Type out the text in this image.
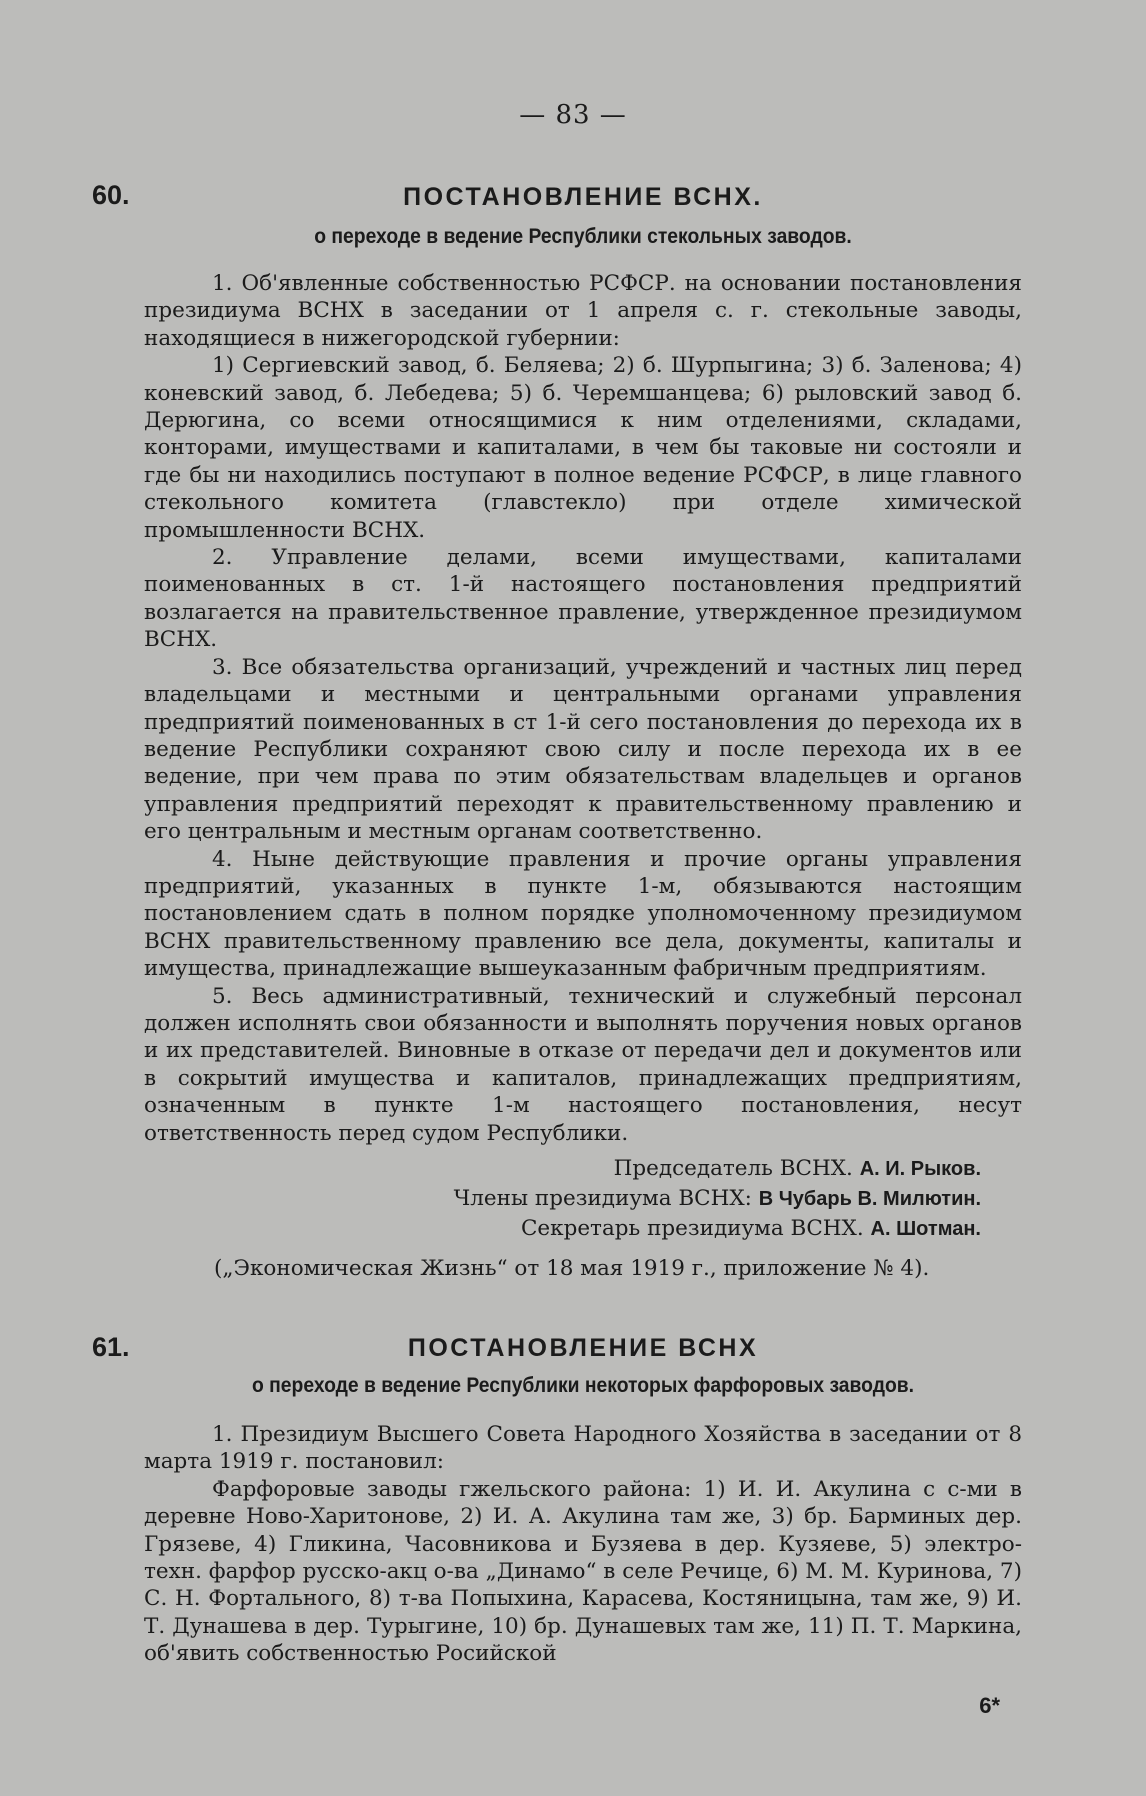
— 83 —
60.	ПОСТАНОВЛЕНИЕ ВСНХ.
о переходе в ведение Республики стекольных заводов.

1. Об'явленные собственностью РСФСР. на основании постановления президиума ВСНХ в заседании от 1 апреля с. г. стекольные заводы, находящиеся в нижегородской губернии:

1) Сергиевский завод, б. Беляева; 2) б. Шурпыгина; 3) б. Заленова; 4) коневский завод, б. Лебедева; 5) б. Черемшанцева; 6) рыловский завод б. Дерюгина, со всеми относящимися к ним отделениями, складами, конторами, имуществами и капиталами, в чем бы таковые ни состояли и где бы ни находились поступают в полное ведение РСФСР, в лице главного стекольного комитета (главстекло) при отделе химической промышленности ВСНХ.

2. Управление делами, всеми имуществами, капиталами поименованных в ст. 1-й настоящего постановления предприятий возлагается на правительственное правление, утвержденное президиумом ВСНХ.

3. Все обязательства организаций, учреждений и частных лиц перед владельцами и местными и центральными органами управления предприятий поименованных в ст 1-й сего постановления до перехода их в ведение Республики сохраняют свою силу и после перехода их в ее ведение, при чем права по этим обязательствам владельцев и органов управления предприятий переходят к правительственному правлению и его центральным и местным органам соответственно.

4. Ныне действующие правления и прочие органы управления предприятий, указанных в пункте 1-м, обязываются настоящим постановлением сдать в полном порядке уполномоченному президиумом ВСНХ правительственному правлению все дела, документы, капиталы и имущества, принадлежащие вышеуказанным фабричным предприятиям.

5. Весь административный, технический и служебный персонал должен исполнять свои обязанности и выполнять поручения новых органов и их представителей. Виновные в отказе от передачи дел и документов или в сокрытий имущества и капиталов, принадлежащих предприятиям, означенным в пункте 1-м настоящего постановления, несут ответственность перед судом Республики.

Председатель ВСНХ. А. И. Рыков.
Члены президиума ВСНХ: В Чубарь В. Милютин.
Секретарь президиума ВСНХ. А. Шотман.
(„Экономическая Жизнь“ от 18 мая 1919 г., приложение № 4).
61.	ПОСТАНОВЛЕНИЕ ВСНХ
о переходе в ведение Республики некоторых фарфоровых заводов.

1. Президиум Высшего Совета Народного Хозяйства в заседании от 8 марта 1919 г. постановил:

Фарфоровые заводы гжельского района: 1) И. И. Акулина с с-ми в деревне Ново-Харитонове, 2) И. А. Акулина там же, 3) бр. Барминых дер. Грязеве, 4) Гликина, Часовникова и Бузяева в дер. Кузяеве, 5) электро-техн. фарфор русско-акц о-ва „Динамо“ в селе Речице, 6) М. М. Куринова, 7) С. Н. Фортального, 8) т-ва Попыхина, Карасева, Костяницына, там же, 9) И. Т. Дунашева в дер. Турыгине, 10) бр. Дунашевых там же, 11) П. Т. Маркина, об'явить собственностью Росийской

6*
